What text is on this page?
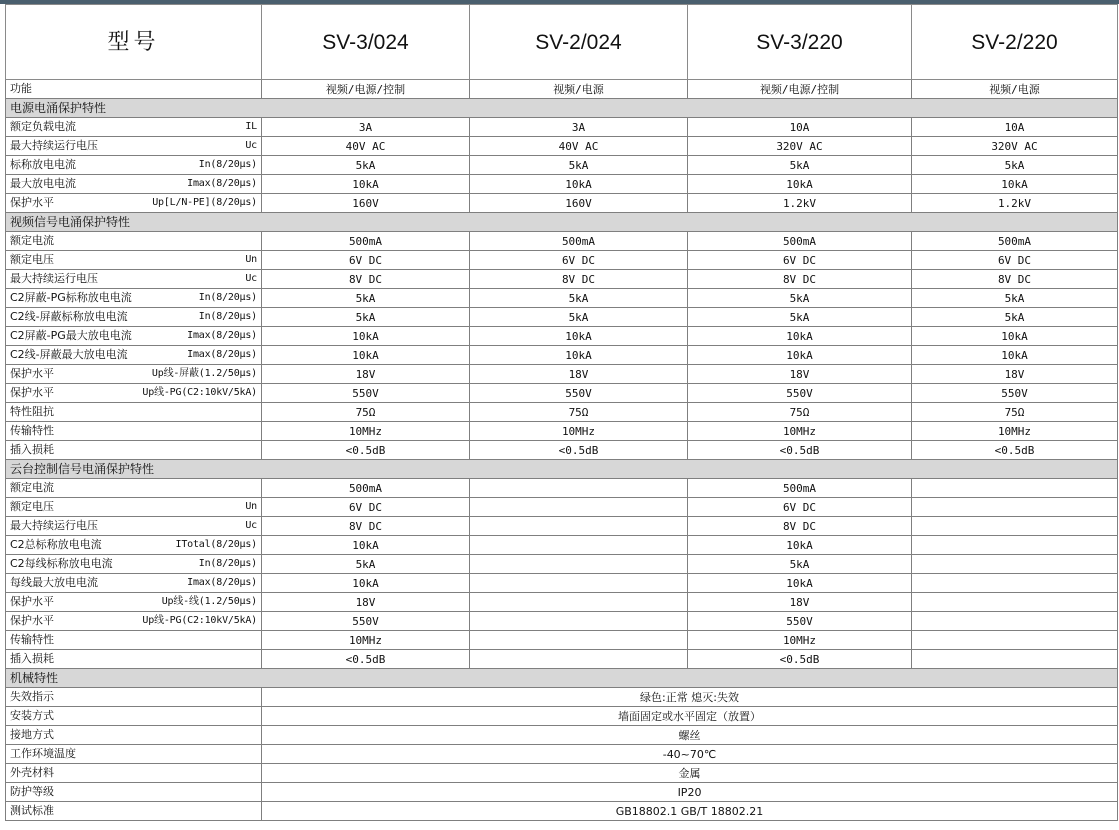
型号	SV-3/024	SV-2/024	SV-3/220	SV-2/220

功能	视频/电源/控制	视频/电源	视频/电源/控制	视频/电源
电源电涌保护特性				

额定负载电流 IL	3A	3A	10A	10A

最大持续运行电压 Uc	40V AC	40V AC	320V AC	320V AC

标称放电电流 In(8/20μs)	5kA	5kA	5kA	5kA

最大放电电流 Imax(8/20μs)	10kA	10kA	10kA	10kA

保护水平 Up[L/N-PE](8/20μs)	160V	160V	1.2kV	1.2kV
视频信号电涌保护特性				

额定电流	500mA	500mA	500mA	500mA

额定电压 Un	6V DC	6V DC	6V DC	6V DC

最大持续运行电压 Uc	8V DC	8V DC	8V DC	8V DC

C2屏蔽-PG标称放电电流 In(8/20μs)	5kA	5kA	5kA	5kA

C2线-屏蔽标称放电电流 In(8/20μs)	5kA	5kA	5kA	5kA

C2屏蔽-PG最大放电电流 Imax(8/20μs)	10kA	10kA	10kA	10kA

C2线-屏蔽最大放电电流 Imax(8/20μs)	10kA	10kA	10kA	10kA

保护水平 Up线-屏蔽(1.2/50μs)	18V	18V	18V	18V

保护水平 Up线-PG(C2:10kV/5kA)	550V	550V	550V	550V

特性阻抗	75Ω	75Ω	75Ω	75Ω

传输特性	10MHz	10MHz	10MHz	10MHz

插入损耗	<0.5dB	<0.5dB	<0.5dB	<0.5dB
云台控制信号电涌保护特性				

额定电流	500mA		500mA	

额定电压 Un	6V DC		6V DC	

最大持续运行电压 Uc	8V DC		8V DC	

C2总标称放电电流 ITotal(8/20μs)	10kA		10kA	

C2每线标称放电电流 In(8/20μs)	5kA		5kA	

每线最大放电电流 Imax(8/20μs)	10kA		10kA	

保护水平 Up线-线(1.2/50μs)	18V		18V	

保护水平 Up线-PG(C2:10kV/5kA)	550V		550V	

传输特性	10MHz		10MHz	

插入损耗	<0.5dB		<0.5dB	
机械特性				

失效指示	绿色:正常 熄灭:失效			

安装方式	墙面固定或水平固定（放置）			

接地方式	螺丝			

工作环境温度	-40~70℃			

外壳材料	金属			

防护等级	IP20			

测试标准	GB18802.1 GB/T 18802.21			
